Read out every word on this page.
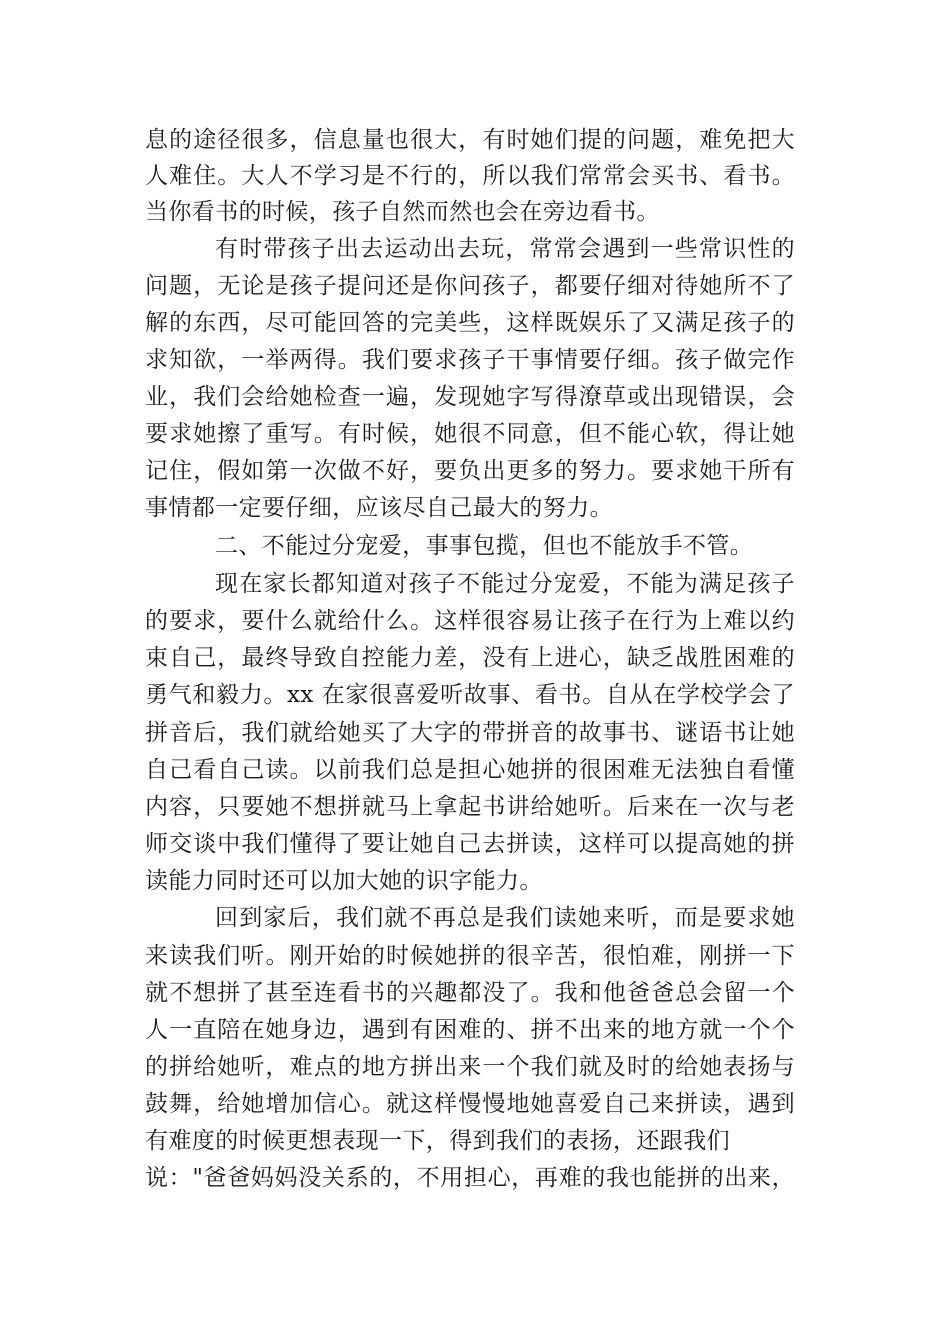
息的途径很多，信息量也很大，有时她们提的问题，难免把大
人难住。大人不学习是不行的，所以我们常常会买书、看书。
当你看书的时候，孩子自然而然也会在旁边看书。
有时带孩子出去运动出去玩，常常会遇到一些常识性的
问题，无论是孩子提问还是你问孩子，都要仔细对待她所不了
解的东西，尽可能回答的完美些，这样既娱乐了又满足孩子的
求知欲，一举两得。我们要求孩子干事情要仔细。孩子做完作
业，我们会给她检查一遍，发现她字写得潦草或出现错误，会
要求她擦了重写。有时候，她很不同意，但不能心软，得让她
记住，假如第一次做不好，要负出更多的努力。要求她干所有
事情都一定要仔细，应该尽自己最大的努力。
二、不能过分宠爱，事事包揽，但也不能放手不管。
现在家长都知道对孩子不能过分宠爱，不能为满足孩子
的要求，要什么就给什么。这样很容易让孩子在行为上难以约
束自己，最终导致自控能力差，没有上进心，缺乏战胜困难的
勇气和毅力。xx 在家很喜爱听故事、看书。自从在学校学会了
拼音后，我们就给她买了大字的带拼音的故事书、谜语书让她
自己看自己读。以前我们总是担心她拼的很困难无法独自看懂
内容，只要她不想拼就马上拿起书讲给她听。后来在一次与老
师交谈中我们懂得了要让她自己去拼读，这样可以提高她的拼
读能力同时还可以加大她的识字能力。
回到家后，我们就不再总是我们读她来听，而是要求她
来读我们听。刚开始的时候她拼的很辛苦，很怕难，刚拼一下
就不想拼了甚至连看书的兴趣都没了。我和他爸爸总会留一个
人一直陪在她身边，遇到有困难的、拼不出来的地方就一个个
的拼给她听，难点的地方拼出来一个我们就及时的给她表扬与
鼓舞，给她增加信心。就这样慢慢地她喜爱自己来拼读，遇到
有难度的时候更想表现一下，得到我们的表扬，还跟我们
说："爸爸妈妈没关系的，不用担心，再难的我也能拼的出来，
